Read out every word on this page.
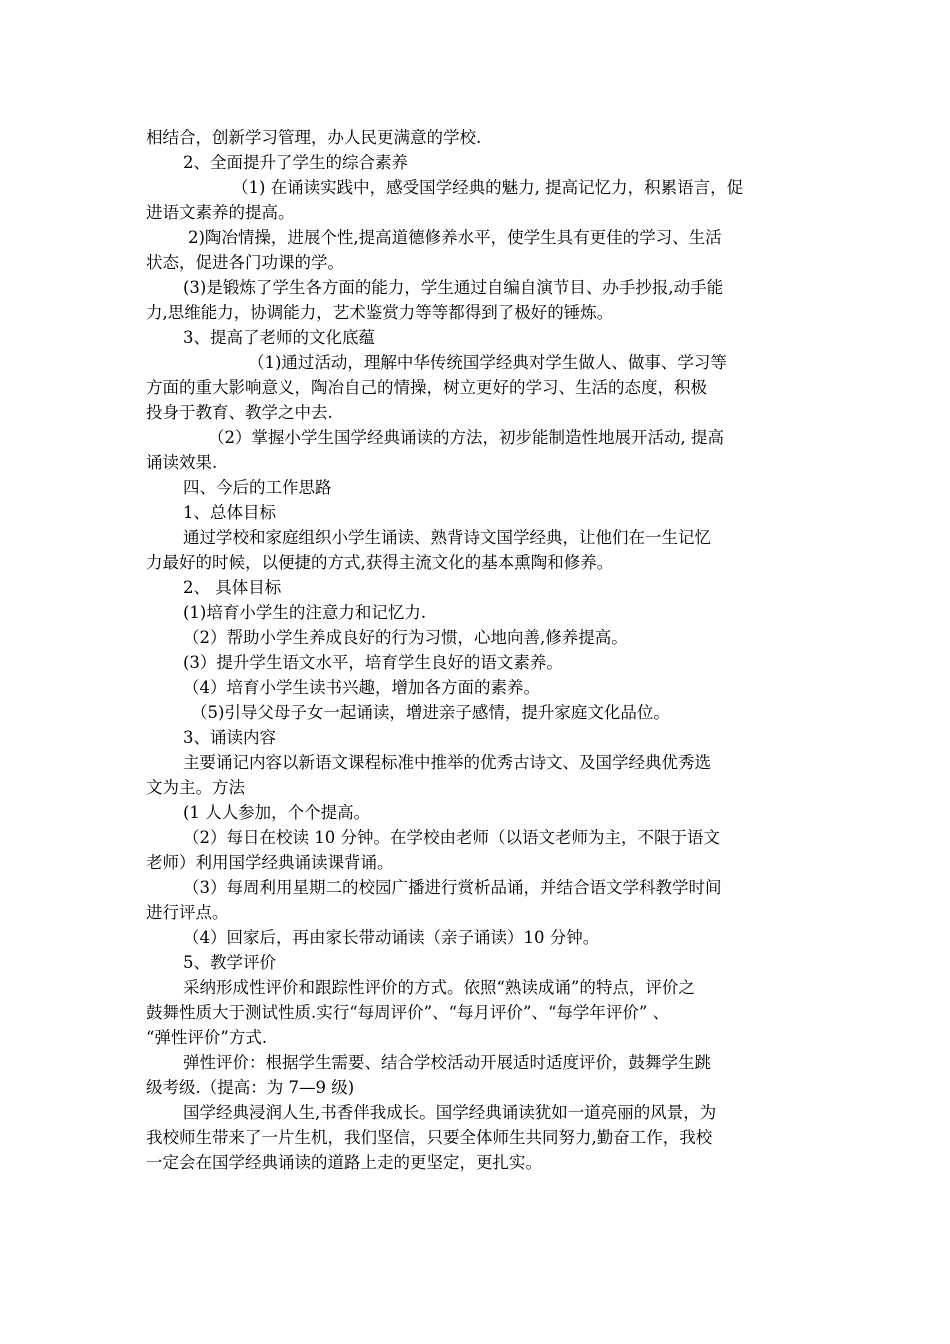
相结合，创新学习管理，办人民更满意的学校.
2、全面提升了学生的综合素养
（1) 在诵读实践中，感受国学经典的魅力, 提高记忆力，积累语言，促
进语文素养的提高。
2)陶冶情操，进展个性,提高道德修养水平，使学生具有更佳的学习、生活
状态，促进各门功课的学。
(3)是锻炼了学生各方面的能力，学生通过自编自演节目、办手抄报,动手能
力,思维能力，协调能力，艺术鉴赏力等等都得到了极好的锤炼。
3、提高了老师的文化底蕴
（1)通过活动，理解中华传统国学经典对学生做人、做事、学习等
方面的重大影响意义，陶冶自己的情操，树立更好的学习、生活的态度，积极
投身于教育、教学之中去.
（2）掌握小学生国学经典诵读的方法，初步能制造性地展开活动, 提高
诵读效果.
四、今后的工作思路
1、总体目标
通过学校和家庭组织小学生诵读、熟背诗文国学经典，让他们在一生记忆
力最好的时候，以便捷的方式,获得主流文化的基本熏陶和修养。
2、 具体目标
(1)培育小学生的注意力和记忆力.
（2）帮助小学生养成良好的行为习惯，心地向善,修养提高。
(3）提升学生语文水平，培育学生良好的语文素养。
（4）培育小学生读书兴趣，增加各方面的素养。
（5)引导父母子女一起诵读，增进亲子感情，提升家庭文化品位。
3、诵读内容
主要诵记内容以新语文课程标准中推举的优秀古诗文、及国学经典优秀选
文为主。方法
(1 人人参加，个个提高。
（2）每日在校读 10 分钟。在学校由老师（以语文老师为主，不限于语文
老师）利用国学经典诵读课背诵。
（3）每周利用星期二的校园广播进行赏析品诵，并结合语文学科教学时间
进行评点。
（4）回家后，再由家长带动诵读（亲子诵读）10 分钟。
5、教学评价
采纳形成性评价和跟踪性评价的方式。依照“熟读成诵”的特点，评价之
鼓舞性质大于测试性质.实行“每周评价”、“每月评价”、“每学年评价” 、
“弹性评价”方式.
弹性评价：根据学生需要、结合学校活动开展适时适度评价，鼓舞学生跳
级考级.（提高：为 7—9 级)
国学经典浸润人生,书香伴我成长。国学经典诵读犹如一道亮丽的风景，为
我校师生带来了一片生机，我们坚信，只要全体师生共同努力,勤奋工作，我校
一定会在国学经典诵读的道路上走的更坚定，更扎实。
